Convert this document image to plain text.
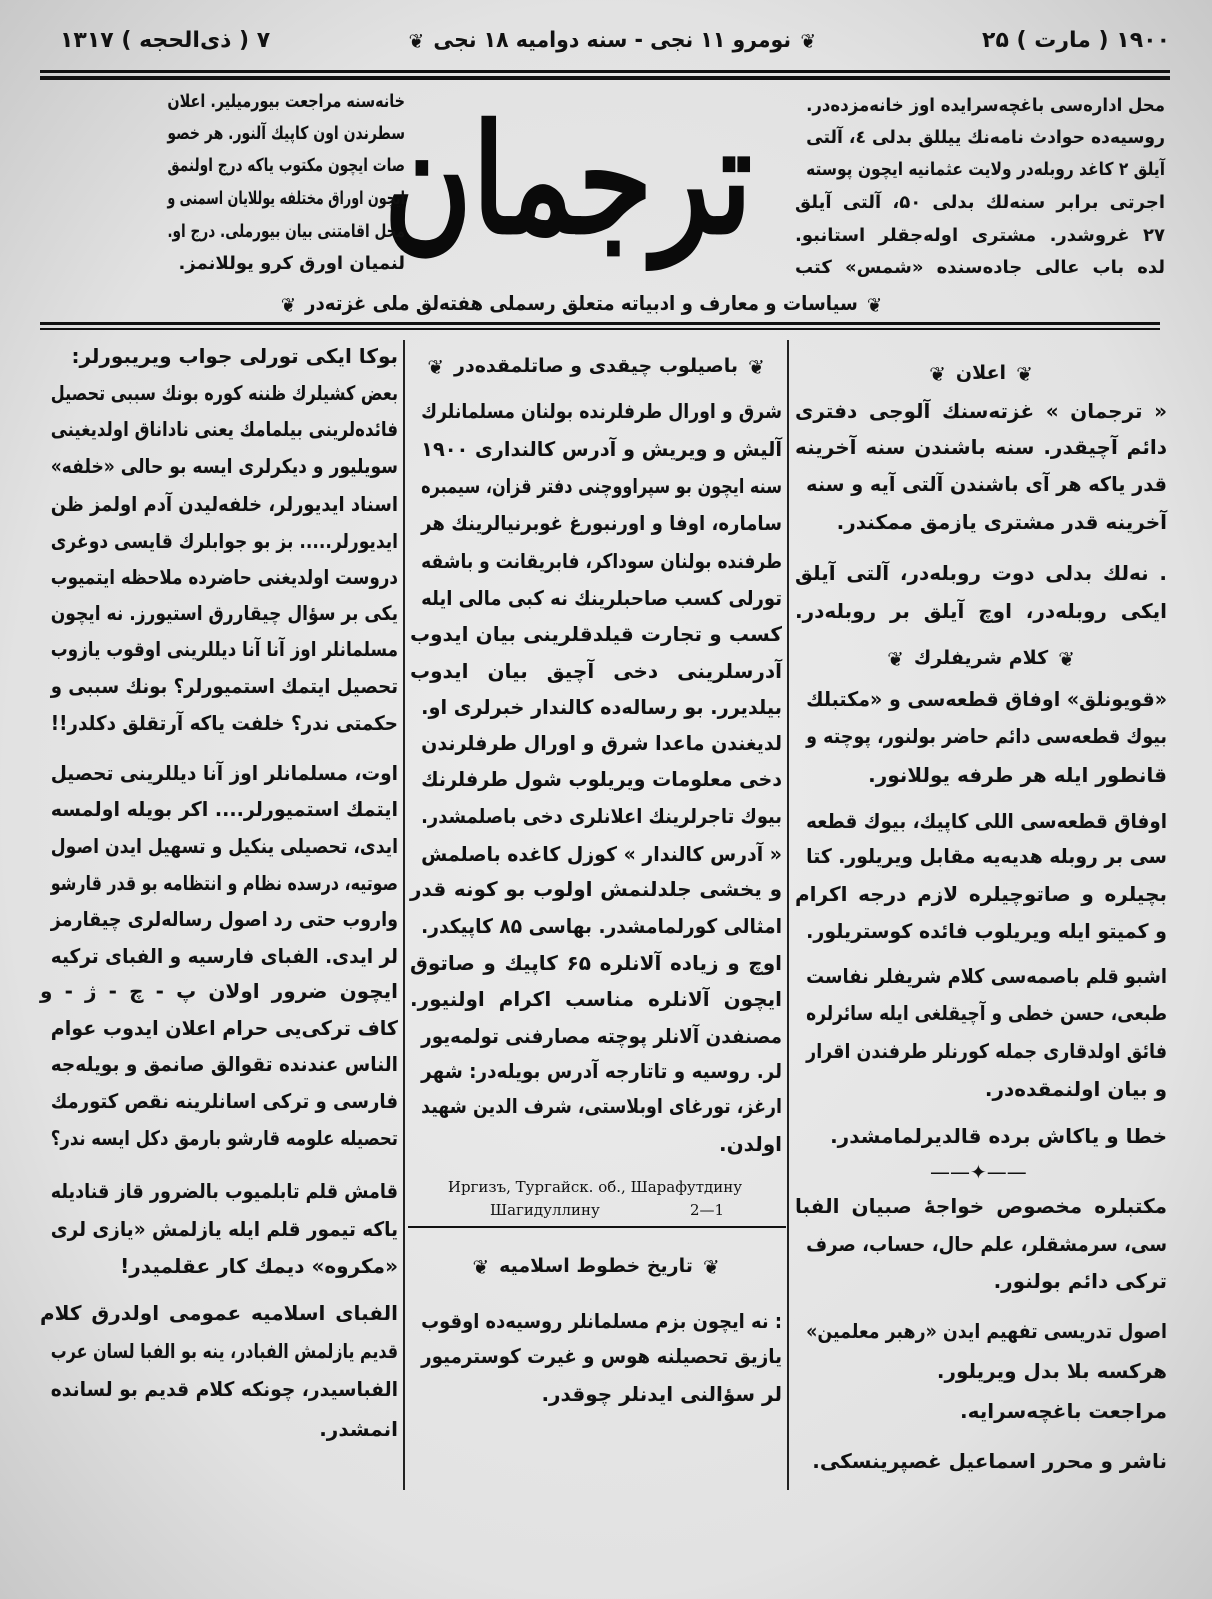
۱۹۰۰ ( مارت ) ۲۵
❦نومرو ۱۱ نجی - سنه دوامیه ۱۸ نجی❦
۷ ( ذی‌الحجه ) ۱۳۱۷
ترجمان	محل اداره‌سی باغچه‌سرایده اوز خانه‌مزده‌در.
روسیه‌ده حوادث نامه‌نك ییللق بدلی ٤، آلتی
آیلق ۲ کاغد روبله‌در ولایت عثمانیه ایچون پوسته
اجرتی برابر سنه‌لك بدلی ۵۰، آلتی آیلق
۲۷ غروشدر. مشتری اوله‌جقلر استانبو.
لده باب عالی جاده‌سنده «شمس» کتب
خانه‌سنه مراجعت بیورمیلیر. اعلان
سطرندن اون کاپیك آلنور. هر خصو
صات ایچون مکتوب یاکه درج اولنمق
ایچون اوراق مختلفه یوللایان اسمنی و
محل اقامتنی بیان بیورملی. درج او.
لنمیان اورق کرو یوللانمز.
❦سیاسات و معارف و ادبیاته متعلق رسملی هفته‌لق ملی غزته‌در❦
——✦——
❦اعلان❦
« ترجمان » غزته‌سنك آلوجی دفتری
دائم آچیقدر. سنه باشندن سنه آخرینه
قدر یاکه هر آی باشندن آلتی آیه و سنه
آخرینه قدر مشتری یازمق ممکندر.
. نه‌لك بدلی دوت روبله‌در، آلتی آیلق
ایکی روبله‌در، اوچ آیلق بر روبله‌در.
❦کلام شریفلرك❦
«قویونلق» اوفاق قطعه‌سی و «مکتبلك
بیوك قطعه‌سی دائم حاضر بولنور، پوچته و
قانطور ایله هر طرفه یوللانور.
اوفاق قطعه‌سی اللی کاپیك، بیوك قطعه
سی بر روبله هدیه‌یه مقابل ویریلور. کتا
بچیلره و صاتوچیلره لازم درجه اکرام
و کمیتو ایله ویریلوب فائده کوستریلور.
اشبو قلم باصمه‌سی کلام شریفلر نفاست
طبعی، حسن خطی و آچیقلغی ایله سائرلره
فائق اولدقاری جمله کورنلر طرفندن اقرار
و بیان اولنمقده‌در.
خطا و یاکاش برده قالدیرلمامشدر.
مکتبلره مخصوص خواجهٔ صبیان الفبا
سی، سرمشقلر، علم حال، حساب، صرف
ترکی دائم بولنور.
اصول تدریسی تفهیم ایدن «رهبر معلمین»
هرکسه بلا بدل ویریلور.
مراجعت باغچه‌سرایه.
ناشر و محرر اسماعیل غصپرینسکی.
❦باصیلوب چیقدی و صاتلمقده‌در❦
شرق و اورال طرفلرنده بولنان مسلمانلرك
آلیش و ویریش و آدرس کالنداری ۱۹۰۰
سنه ایچون بو سپراووچنی دفتر قزان، سیمبره
ساماره، اوفا و اورنبورغ غوبرنیالرینك هر
طرفنده بولنان سوداکر، فابریقانت و باشقه
تورلی کسب صاحبلرینك نه کبی مالی ایله
کسب و تجارت قیلدقلرینی بیان ایدوب
آدرسلرینی دخی آچیق بیان ایدوب
بیلدیرر. بو رساله‌ده کالندار خبرلری او.
لدیغندن ماعدا شرق و اورال طرفلرندن
دخی معلومات ویریلوب شول طرفلرنك
بیوك تاجرلرینك اعلانلری دخی باصلمشدر.
« آدرس کالندار » کوزل کاغده باصلمش
و یخشی جلدلنمش اولوب بو کونه قدر
امثالی کورلمامشدر. بهاسی ۸۵ کاپیکدر.
اوچ و زیاده آلانلره ۶۵ کاپیك و صاتوق
ایچون آلانلره مناسب اکرام اولنیور.
مصنفدن آلانلر پوچته مصارفنی تولمه‌یور
لر. روسیه و تاتارجه آدرس بویله‌در: شهر
ارغز، تورغای اوبلاستی، شرف الدین شهید
اولدن.
❦تاریخ خطوط اسلامیه❦
: نه ایچون بزم مسلمانلر روسیه‌ده اوقوب
یازیق تحصیلنه هوس و غیرت کوسترمیور
لر سؤالنی ایدنلر چوقدر.
بوکا ایکی تورلی جواب ویریبورلر:
بعض کشیلرك ظننه کوره بونك سببی تحصیل
فائده‌لرینی بیلمامك یعنی ناداناق اولدیغینی
سویلیور و دیکرلری ایسه بو حالی «خلفه»
اسناد ایدیورلر، خلفه‌لیدن آدم اولمز ظن
ایدیورلر..... بز بو جوابلرك قایسی دوغری
دروست اولدیغنی حاضرده ملاحظه ایتمیوب
یکی بر سؤال چیقاررق استیورز. نه ایچون
مسلمانلر اوز آنا آنا دیللرینی اوقوب یازوب
تحصیل ایتمك استمیورلر؟ بونك سببی و
حکمتی ندر؟ خلفت یاکه آرتقلق دکلدر!!
اوت، مسلمانلر اوز آنا دیللرینی تحصیل
ایتمك استمیورلر.... اکر بویله اولمسه
ایدی، تحصیلی ینکیل و تسهیل ایدن اصول
صوتیه، درسده نظام و انتظامه بو قدر قارشو
واروب حتی رد اصول رساله‌لری چیقارمز
لر ایدی. الفبای فارسیه و الفبای ترکیه
ایچون ضرور اولان پ - چ - ژ - و
کاف ترکی‌یی حرام اعلان ایدوب عوام
الناس عندنده تقوالق صانمق و بویله‌جه
فارسی و ترکی اسانلرینه نقص کتورمك
تحصیله علومه قارشو بارمق دکل ایسه ندر؟
قامش قلم تابلمیوب بالضرور قاز قنادیله
یاکه تیمور قلم ایله یازلمش «یازی لری
«مکروه» دیمك کار عقلمیدر!
الفبای اسلامیه عمومی اولدرق کلام
قدیم یازلمش الفبادر، ینه بو الفبا لسان عرب
الفباسیدر، چونکه کلام قدیم بو لسانده
انمشدر.
Иргизъ, Тургайск. об., Шарафутдину
Шагидуллину	2—1
